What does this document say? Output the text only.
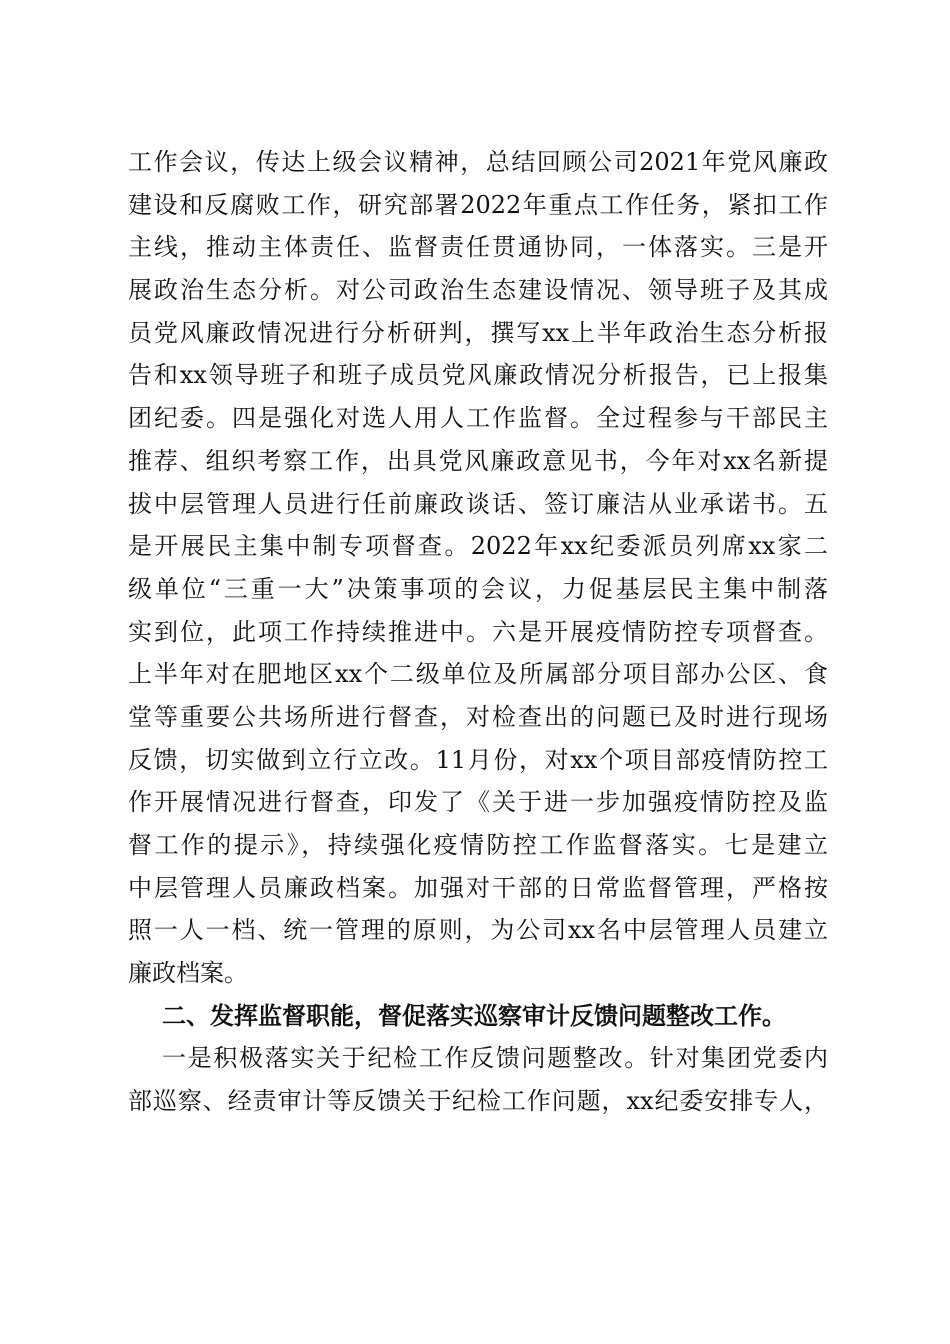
工作会议，传达上级会议精神，总结回顾公司2021年党风廉政
建设和反腐败工作，研究部署2022年重点工作任务，紧扣工作
主线，推动主体责任、监督责任贯通协同，一体落实。三是开
展政治生态分析。对公司政治生态建设情况、领导班子及其成
员党风廉政情况进行分析研判，撰写xx上半年政治生态分析报
告和xx领导班子和班子成员党风廉政情况分析报告，已上报集
团纪委。四是强化对选人用人工作监督。全过程参与干部民主
推荐、组织考察工作，出具党风廉政意见书，今年对xx名新提
拔中层管理人员进行任前廉政谈话、签订廉洁从业承诺书。五
是开展民主集中制专项督查。2022年xx纪委派员列席xx家二
级单位“三重一大”决策事项的会议，力促基层民主集中制落
实到位，此项工作持续推进中。六是开展疫情防控专项督查。
上半年对在肥地区xx个二级单位及所属部分项目部办公区、食
堂等重要公共场所进行督查，对检查出的问题已及时进行现场
反馈，切实做到立行立改。11月份，对xx个项目部疫情防控工
作开展情况进行督查，印发了《关于进一步加强疫情防控及监
督工作的提示》，持续强化疫情防控工作监督落实。七是建立
中层管理人员廉政档案。加强对干部的日常监督管理，严格按
照一人一档、统一管理的原则，为公司xx名中层管理人员建立
廉政档案。
二、发挥监督职能，督促落实巡察审计反馈问题整改工作。
一是积极落实关于纪检工作反馈问题整改。针对集团党委内
部巡察、经责审计等反馈关于纪检工作问题，xx纪委安排专人，
